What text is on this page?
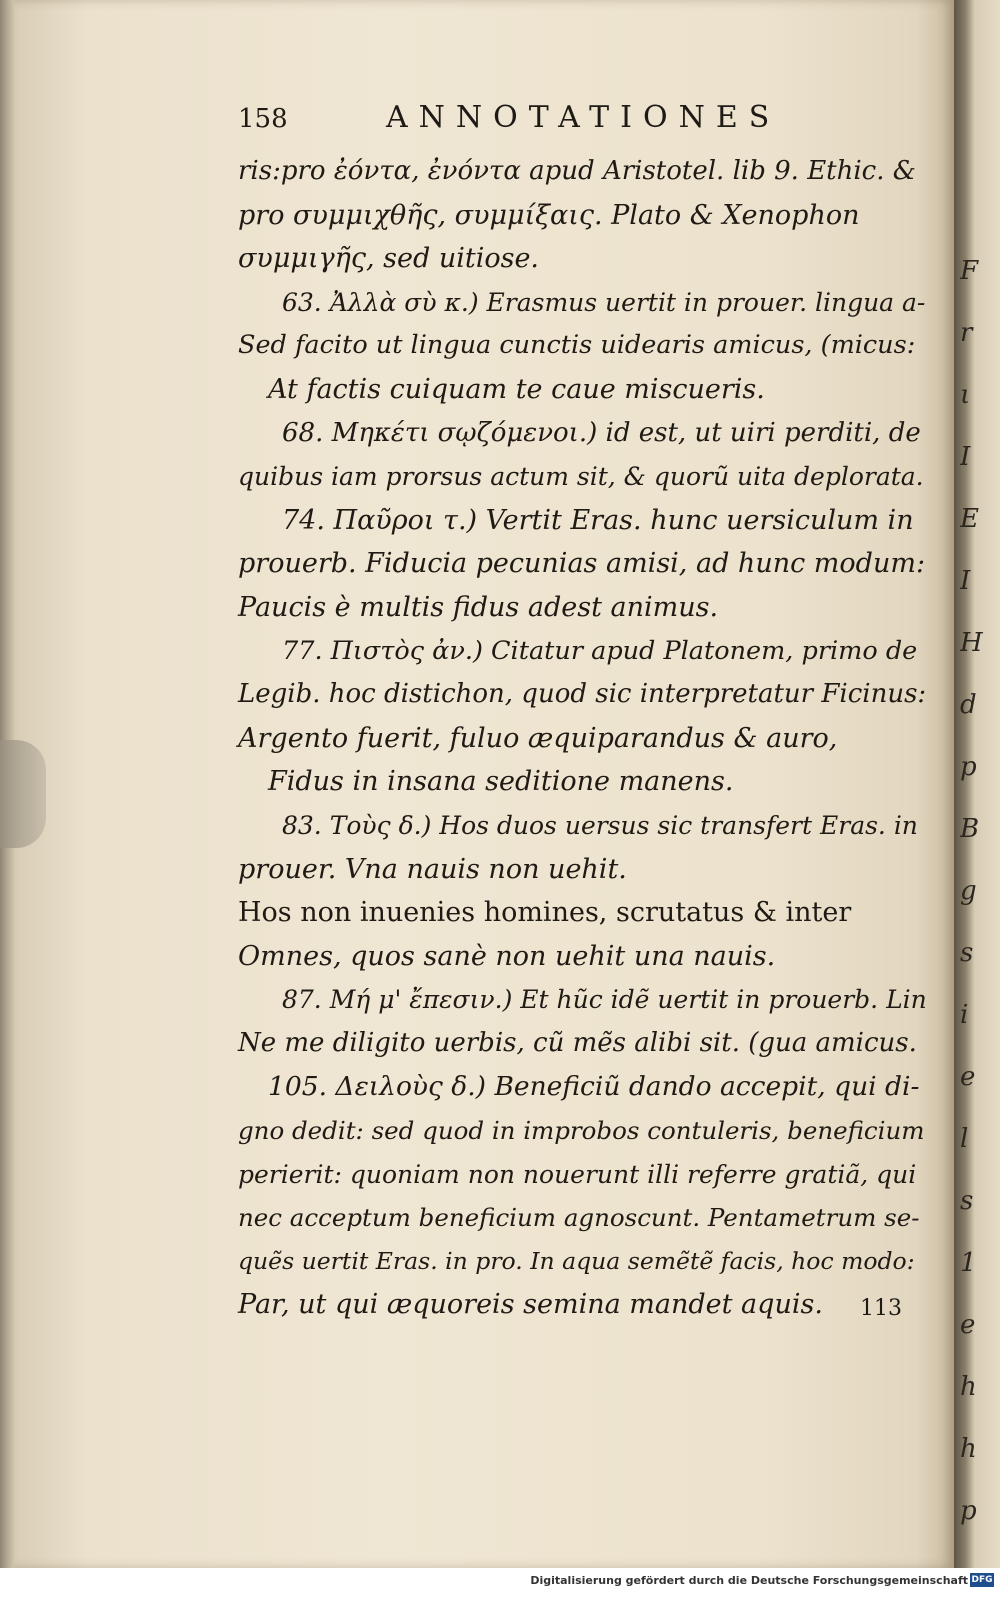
F
r
ι
I
E
I
H
d
p
B
g
s
i
e
l
s
1
e
h
h
p
158	ANNOTATIONES
ris:pro ἐόντα, ἐνόντα apud Aristotel. lib 9. Ethic. &
pro συμμιχθῆς, συμμίξαις. Plato & Xenophon
συμμιγῆς, sed uitiose.
63. Ἀλλὰ σὺ κ.) Erasmus uertit in prouer. lingua a-
Sed facito ut lingua cunctis uidearis amicus, (micus:
At factis cuiquam te caue miscueris.
68. Μηκέτι σῳζόμενοι.) id est, ut uiri perditi, de
quibus iam prorsus actum sit, & quorũ uita deplorata.
74. Παῦροι τ.) Vertit Eras. hunc uersiculum in
prouerb. Fiducia pecunias amisi, ad hunc modum:
Paucis è multis fidus adest animus.
77. Πιστὸς ἀν.) Citatur apud Platonem, primo de
Legib. hoc distichon, quod sic interpretatur Ficinus:
Argento fuerit, fuluo æquiparandus & auro,
Fidus in insana seditione manens.
83. Τοὺς δ.) Hos duos uersus sic transfert Eras. in
prouer. Vna nauis non uehit.
Hos non inuenies homines, scrutatus & inter
Omnes, quos sanè non uehit una nauis.
87. Μή μ' ἔπεσιν.) Et hũc idẽ uertit in prouerb. Lin
Ne me diligito uerbis, cũ mẽs alibi sit. (gua amicus.
105. Δειλοὺς δ.) Beneficiũ dando accepit, qui di-
gno dedit: sed quod in improbos contuleris, beneficium
perierit: quoniam non nouerunt illi referre gratiã, qui
nec acceptum beneficium agnoscunt. Pentametrum se-
quẽs uertit Eras. in pro. In aqua semẽtẽ facis, hoc modo:
Par, ut qui æquoreis semina mandet aquis.	113
Digitalisierung gefördert durch die Deutsche Forschungsgemeinschaft DFG
